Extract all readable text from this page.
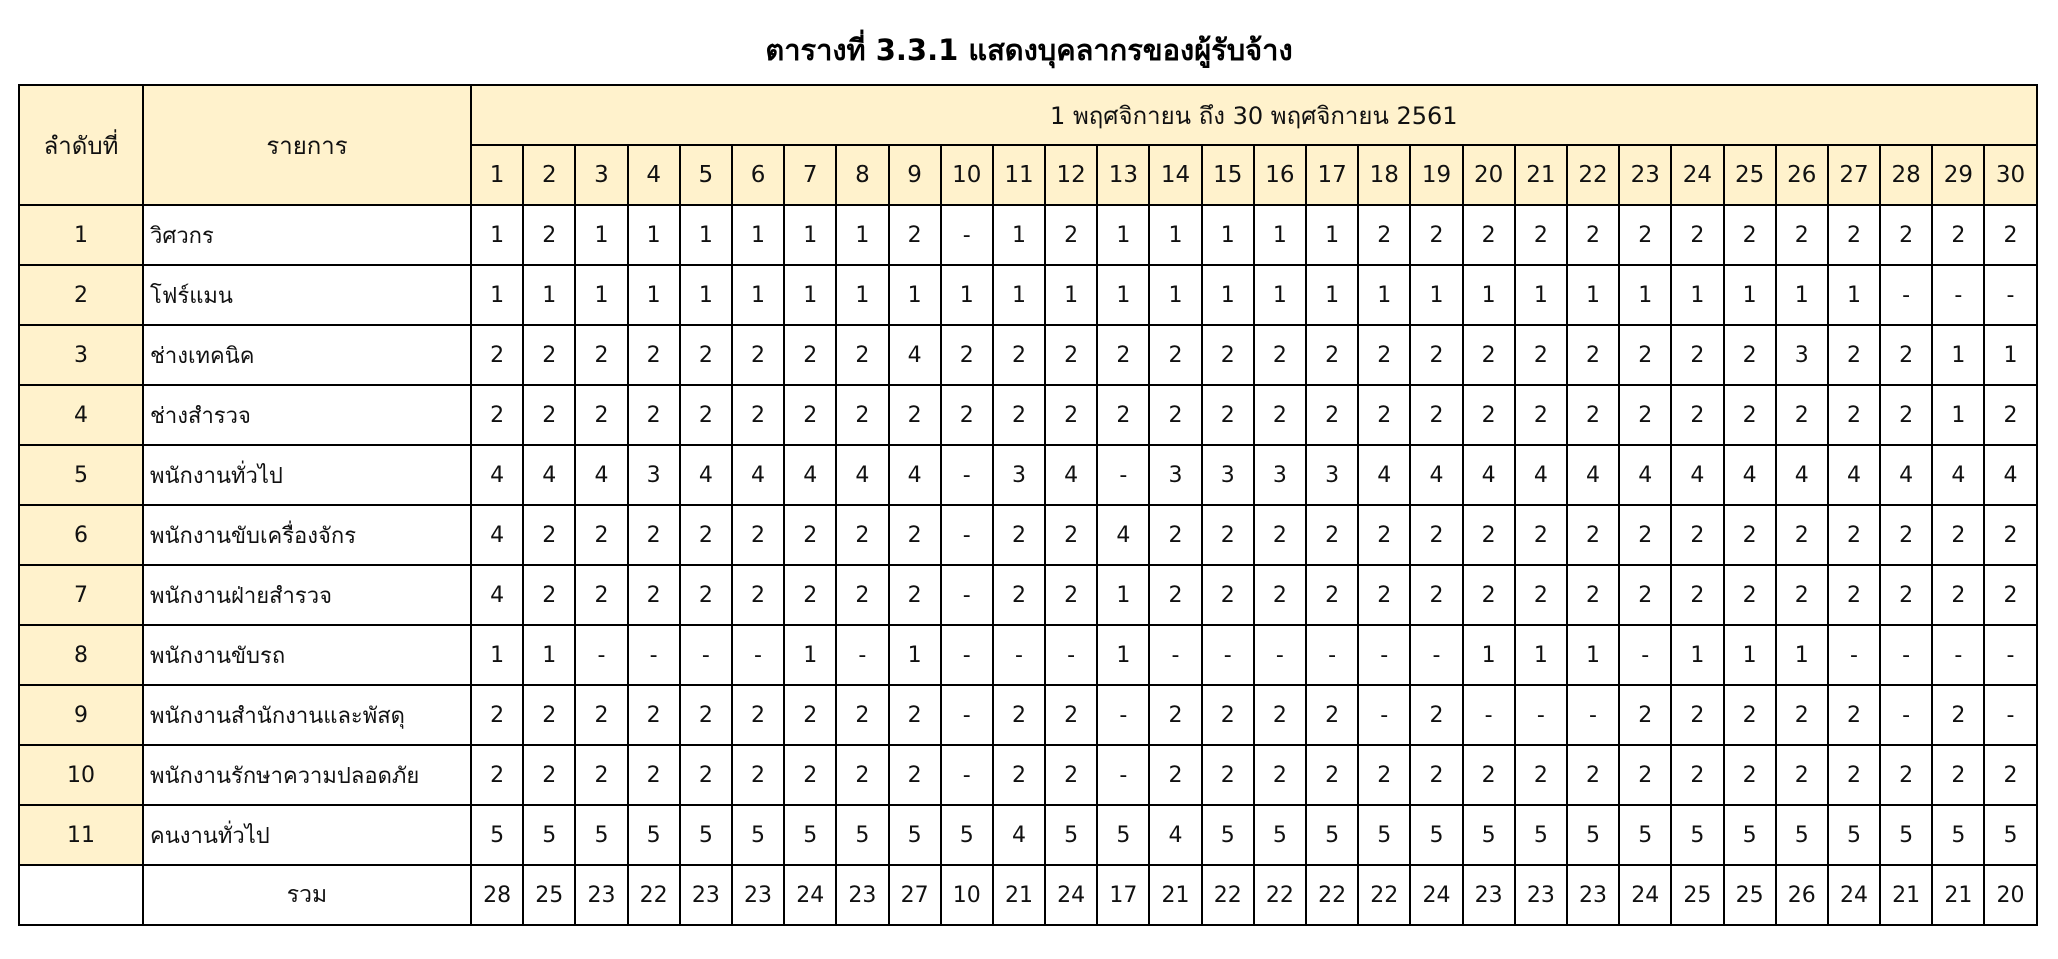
ตารางที่ 3.3.1 แสดงบุคลากรของผู้รับจ้าง
ลำดับที่	รายการ	1 พฤศจิกายน ถึง 30 พฤศจิกายน 2561																													
		1	2	3	4	5	6	7	8	9	10	11	12	13	14	15	16	17	18	19	20	21	22	23	24	25	26	27	28	29	30
1	วิศวกร	1	2	1	1	1	1	1	1	2	-	1	2	1	1	1	1	1	2	2	2	2	2	2	2	2	2	2	2	2	2
2	โฟร์แมน	1	1	1	1	1	1	1	1	1	1	1	1	1	1	1	1	1	1	1	1	1	1	1	1	1	1	1	-	-	-
3	ช่างเทคนิค	2	2	2	2	2	2	2	2	4	2	2	2	2	2	2	2	2	2	2	2	2	2	2	2	2	3	2	2	1	1
4	ช่างสำรวจ	2	2	2	2	2	2	2	2	2	2	2	2	2	2	2	2	2	2	2	2	2	2	2	2	2	2	2	2	1	2
5	พนักงานทั่วไป	4	4	4	3	4	4	4	4	4	-	3	4	-	3	3	3	3	4	4	4	4	4	4	4	4	4	4	4	4	4
6	พนักงานขับเครื่องจักร	4	2	2	2	2	2	2	2	2	-	2	2	4	2	2	2	2	2	2	2	2	2	2	2	2	2	2	2	2	2
7	พนักงานฝ่ายสำรวจ	4	2	2	2	2	2	2	2	2	-	2	2	1	2	2	2	2	2	2	2	2	2	2	2	2	2	2	2	2	2
8	พนักงานขับรถ	1	1	-	-	-	-	1	-	1	-	-	-	1	-	-	-	-	-	-	1	1	1	-	1	1	1	-	-	-	-
9	พนักงานสำนักงานและพัสดุ	2	2	2	2	2	2	2	2	2	-	2	2	-	2	2	2	2	-	2	-	-	-	2	2	2	2	2	-	2	-
10	พนักงานรักษาความปลอดภัย	2	2	2	2	2	2	2	2	2	-	2	2	-	2	2	2	2	2	2	2	2	2	2	2	2	2	2	2	2	2
11	คนงานทั่วไป	5	5	5	5	5	5	5	5	5	5	4	5	5	4	5	5	5	5	5	5	5	5	5	5	5	5	5	5	5	5
	รวม	28	25	23	22	23	23	24	23	27	10	21	24	17	21	22	22	22	22	24	23	23	23	24	25	25	26	24	21	21	20
